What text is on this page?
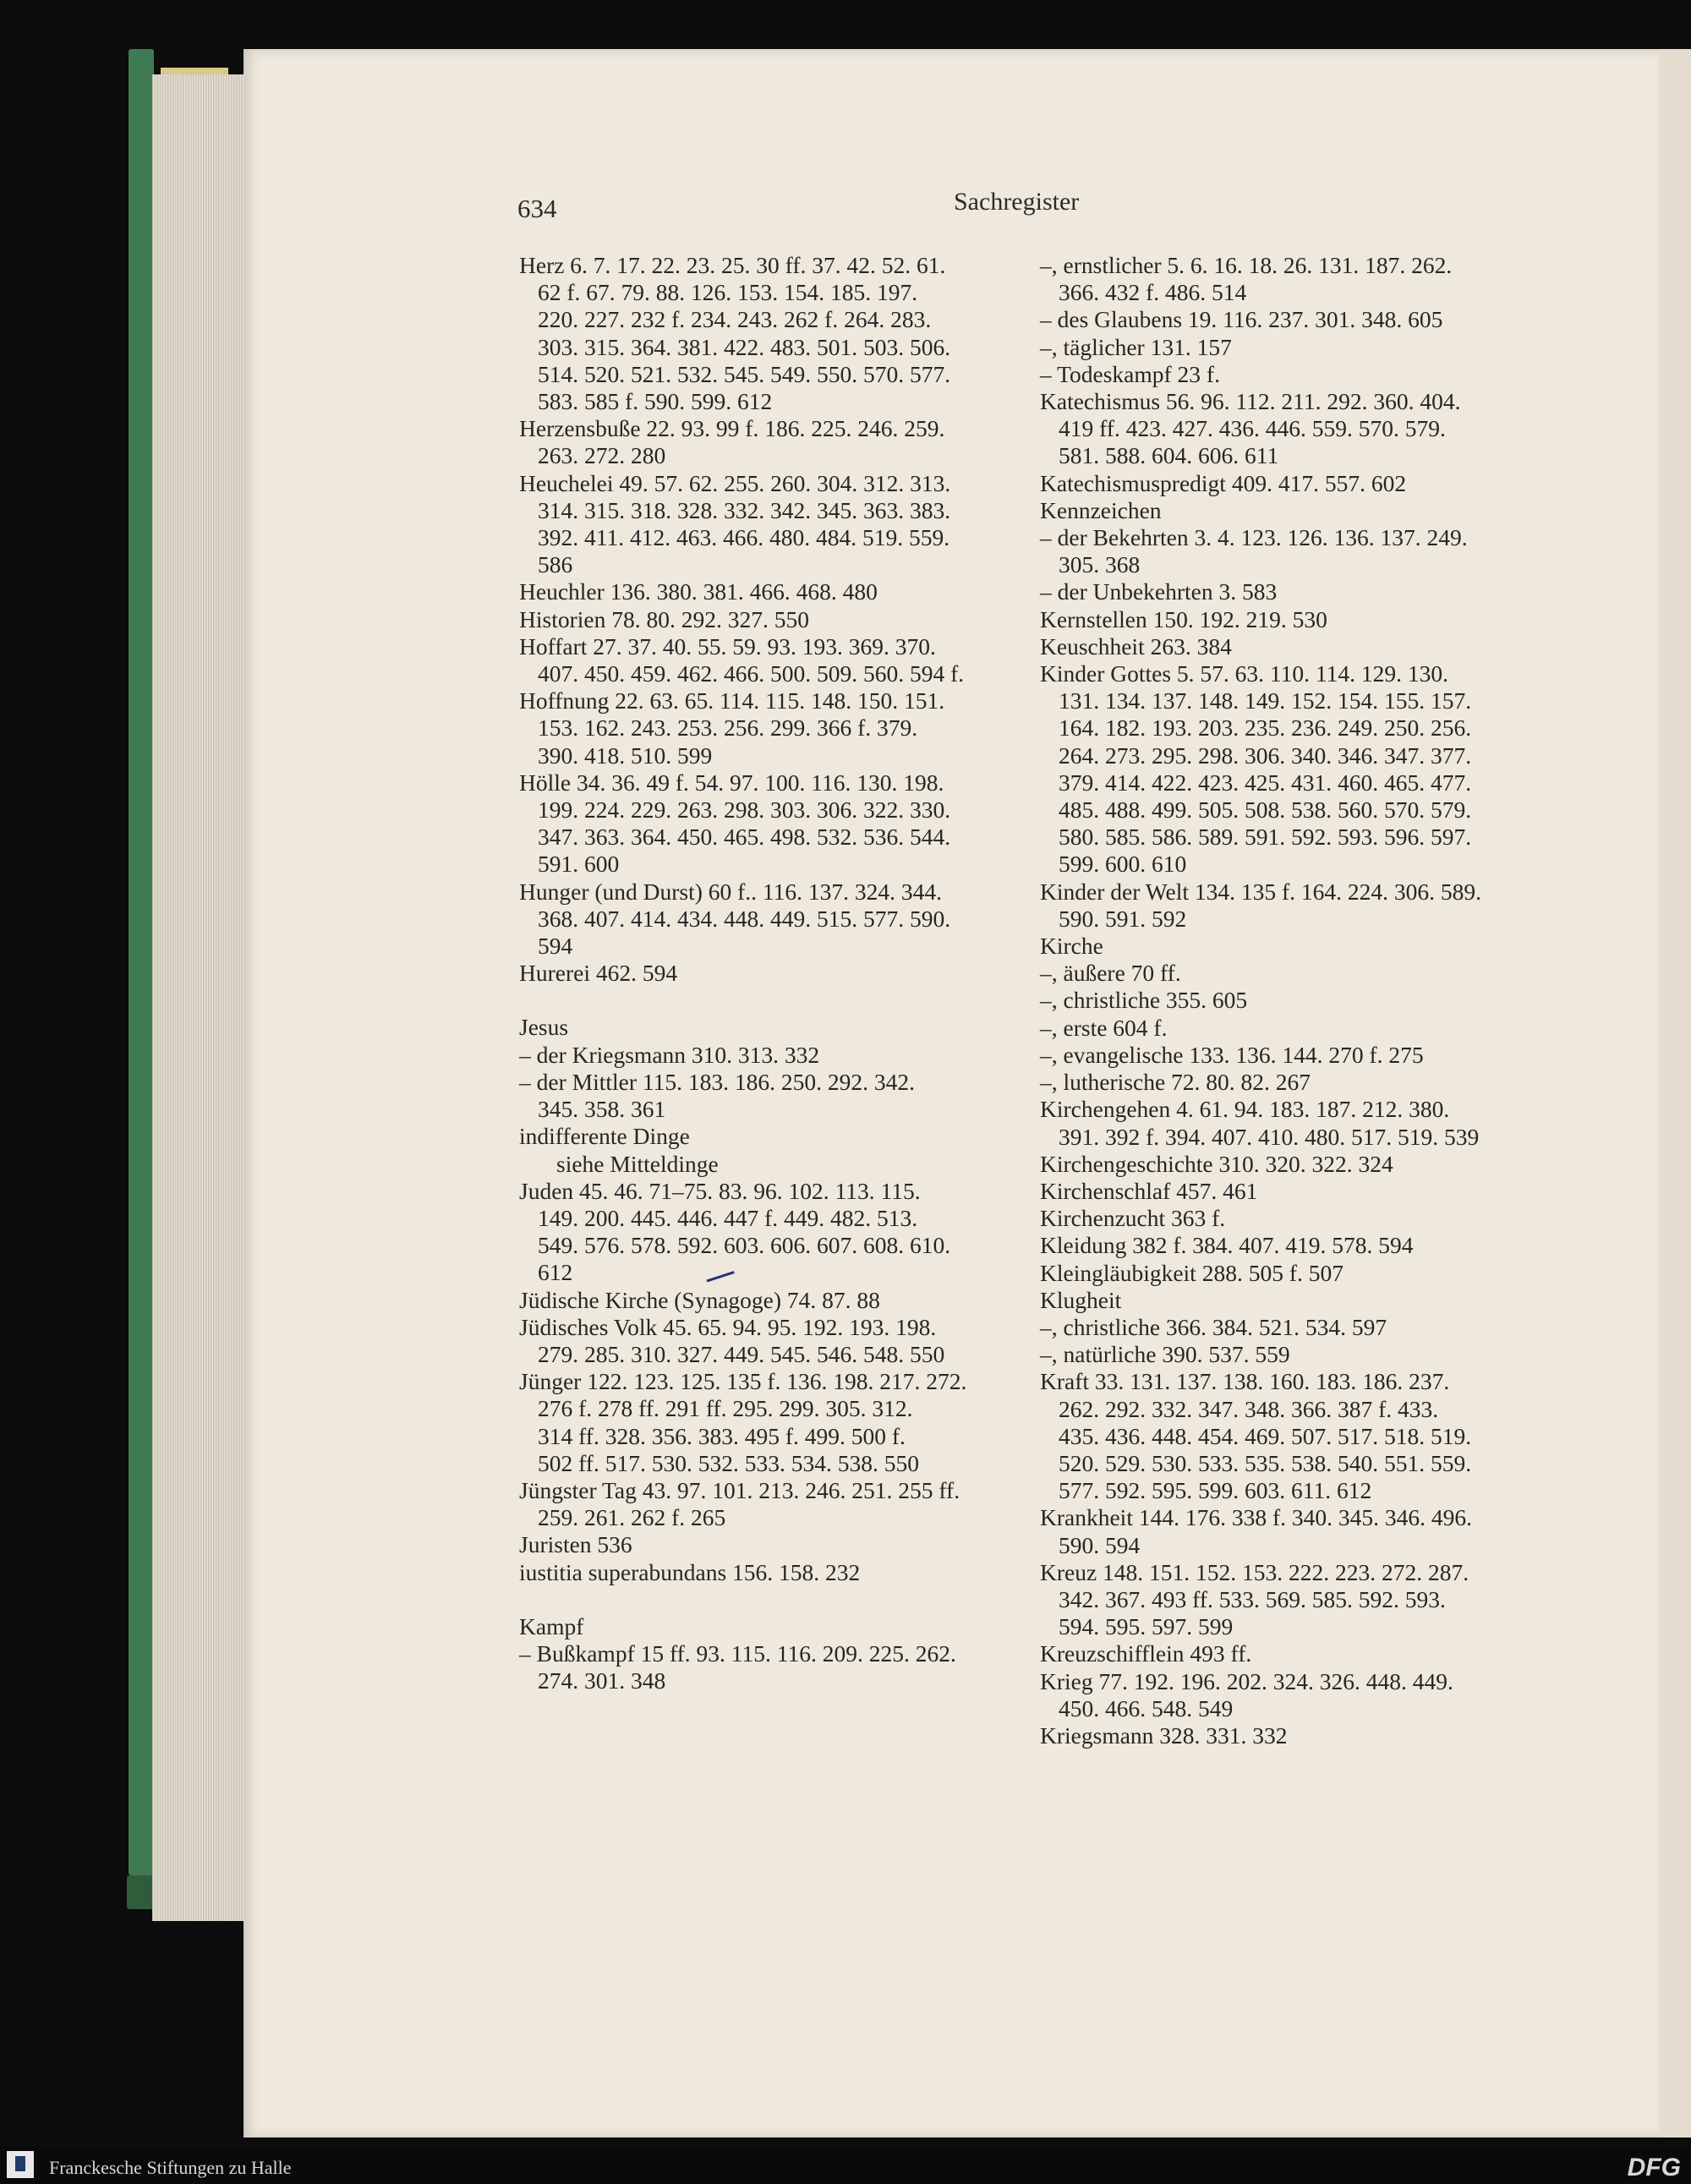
634	Sachregister
Herz 6. 7. 17. 22. 23. 25. 30 ff. 37. 42. 52. 61.
62 f. 67. 79. 88. 126. 153. 154. 185. 197.
220. 227. 232 f. 234. 243. 262 f. 264. 283.
303. 315. 364. 381. 422. 483. 501. 503. 506.
514. 520. 521. 532. 545. 549. 550. 570. 577.
583. 585 f. 590. 599. 612
Herzensbuße 22. 93. 99 f. 186. 225. 246. 259.
263. 272. 280
Heuchelei 49. 57. 62. 255. 260. 304. 312. 313.
314. 315. 318. 328. 332. 342. 345. 363. 383.
392. 411. 412. 463. 466. 480. 484. 519. 559.
586
Heuchler 136. 380. 381. 466. 468. 480
Historien 78. 80. 292. 327. 550
Hoffart 27. 37. 40. 55. 59. 93. 193. 369. 370.
407. 450. 459. 462. 466. 500. 509. 560. 594 f.
Hoffnung 22. 63. 65. 114. 115. 148. 150. 151.
153. 162. 243. 253. 256. 299. 366 f. 379.
390. 418. 510. 599
Hölle 34. 36. 49 f. 54. 97. 100. 116. 130. 198.
199. 224. 229. 263. 298. 303. 306. 322. 330.
347. 363. 364. 450. 465. 498. 532. 536. 544.
591. 600
Hunger (und Durst) 60 f.. 116. 137. 324. 344.
368. 407. 414. 434. 448. 449. 515. 577. 590.
594
Hurerei 462. 594
Jesus
– der Kriegsmann 310. 313. 332
– der Mittler 115. 183. 186. 250. 292. 342.
345. 358. 361
indifferente Dinge
siehe Mitteldinge
Juden 45. 46. 71–75. 83. 96. 102. 113. 115.
149. 200. 445. 446. 447 f. 449. 482. 513.
549. 576. 578. 592. 603. 606. 607. 608. 610.
612
Jüdische Kirche (Synagoge) 74. 87. 88
Jüdisches Volk 45. 65. 94. 95. 192. 193. 198.
279. 285. 310. 327. 449. 545. 546. 548. 550
Jünger 122. 123. 125. 135 f. 136. 198. 217. 272.
276 f. 278 ff. 291 ff. 295. 299. 305. 312.
314 ff. 328. 356. 383. 495 f. 499. 500 f.
502 ff. 517. 530. 532. 533. 534. 538. 550
Jüngster Tag 43. 97. 101. 213. 246. 251. 255 ff.
259. 261. 262 f. 265
Juristen 536
iustitia superabundans 156. 158. 232
Kampf
– Bußkampf 15 ff. 93. 115. 116. 209. 225. 262.
274. 301. 348
–, ernstlicher 5. 6. 16. 18. 26. 131. 187. 262.
366. 432 f. 486. 514
– des Glaubens 19. 116. 237. 301. 348. 605
–, täglicher 131. 157
– Todeskampf 23 f.
Katechismus 56. 96. 112. 211. 292. 360. 404.
419 ff. 423. 427. 436. 446. 559. 570. 579.
581. 588. 604. 606. 611
Katechismuspredigt 409. 417. 557. 602
Kennzeichen
– der Bekehrten 3. 4. 123. 126. 136. 137. 249.
305. 368
– der Unbekehrten 3. 583
Kernstellen 150. 192. 219. 530
Keuschheit 263. 384
Kinder Gottes 5. 57. 63. 110. 114. 129. 130.
131. 134. 137. 148. 149. 152. 154. 155. 157.
164. 182. 193. 203. 235. 236. 249. 250. 256.
264. 273. 295. 298. 306. 340. 346. 347. 377.
379. 414. 422. 423. 425. 431. 460. 465. 477.
485. 488. 499. 505. 508. 538. 560. 570. 579.
580. 585. 586. 589. 591. 592. 593. 596. 597.
599. 600. 610
Kinder der Welt 134. 135 f. 164. 224. 306. 589.
590. 591. 592
Kirche
–, äußere 70 ff.
–, christliche 355. 605
–, erste 604 f.
–, evangelische 133. 136. 144. 270 f. 275
–, lutherische 72. 80. 82. 267
Kirchengehen 4. 61. 94. 183. 187. 212. 380.
391. 392 f. 394. 407. 410. 480. 517. 519. 539
Kirchengeschichte 310. 320. 322. 324
Kirchenschlaf 457. 461
Kirchenzucht 363 f.
Kleidung 382 f. 384. 407. 419. 578. 594
Kleingläubigkeit 288. 505 f. 507
Klugheit
–, christliche 366. 384. 521. 534. 597
–, natürliche 390. 537. 559
Kraft 33. 131. 137. 138. 160. 183. 186. 237.
262. 292. 332. 347. 348. 366. 387 f. 433.
435. 436. 448. 454. 469. 507. 517. 518. 519.
520. 529. 530. 533. 535. 538. 540. 551. 559.
577. 592. 595. 599. 603. 611. 612
Krankheit 144. 176. 338 f. 340. 345. 346. 496.
590. 594
Kreuz 148. 151. 152. 153. 222. 223. 272. 287.
342. 367. 493 ff. 533. 569. 585. 592. 593.
594. 595. 597. 599
Kreuzschifflein 493 ff.
Krieg 77. 192. 196. 202. 324. 326. 448. 449.
450. 466. 548. 549
Kriegsmann 328. 331. 332
Franckesche Stiftungen zu Halle	DFG
